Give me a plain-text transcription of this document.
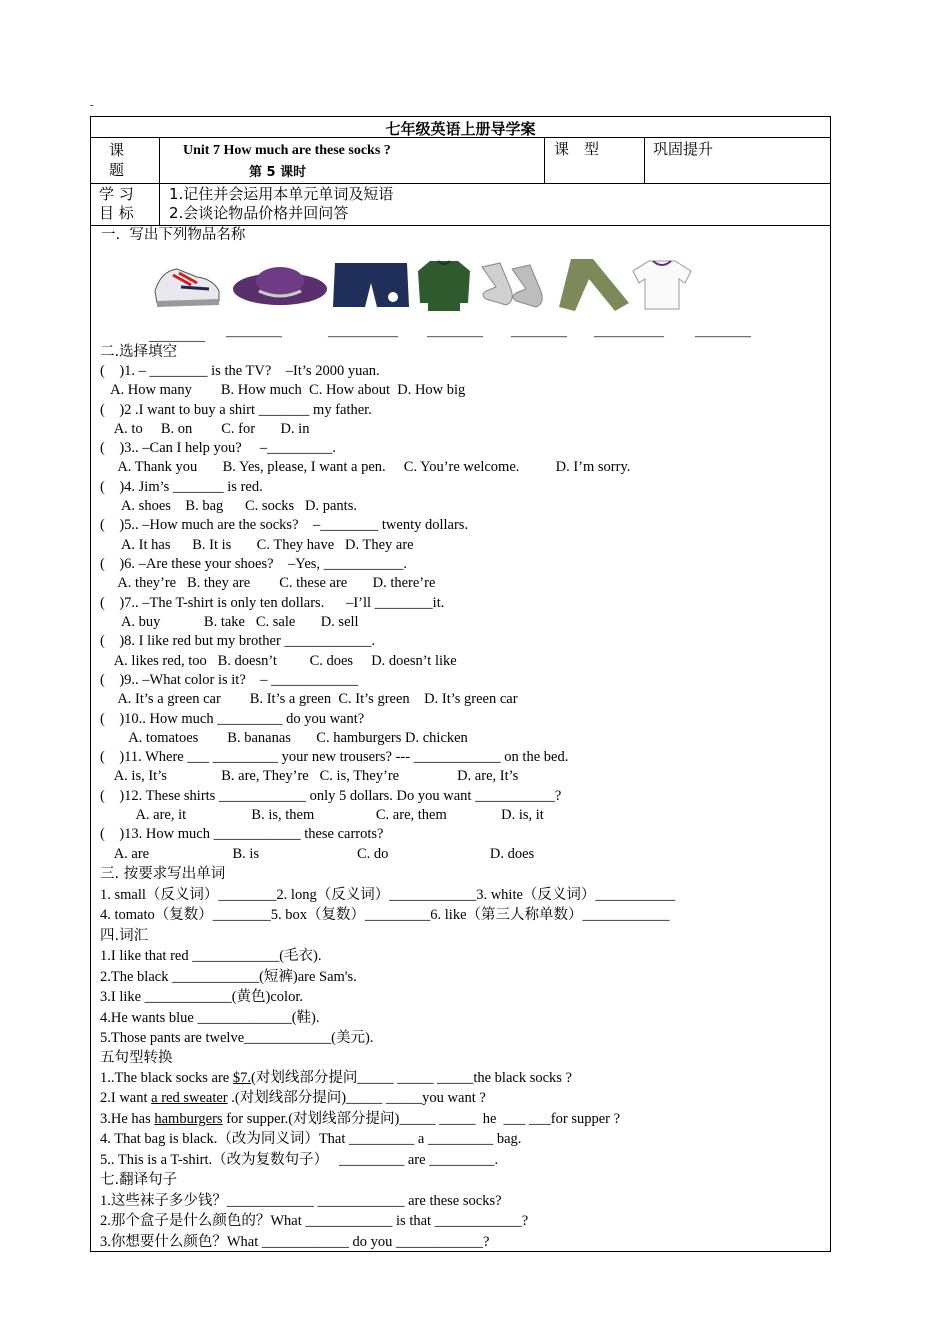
-
七年级英语上册导学案
课 题
Unit 7 How much are these socks ?
第 5 课时
课　型	巩固提升
学 习 目 标
1.记住并会运用本单元单词及短语
2.会谈论物品价格并回问答
一.  写出下列物品名称
________ ————	————— ———— ———— ————— ————
二.选择填空
(    )1. – ________ is the TV?    –It’s 2000 yuan.
A. How many        B. How much  C. How about  D. How big
(    )2 .I want to buy a shirt _______ my father.
A. to     B. on        C. for       D. in
(    )3.. –Can I help you?     –_________.
A. Thank you       B. Yes, please, I want a pen.     C. You’re welcome.          D. I’m sorry.
(    )4. Jim’s _______ is red.
A. shoes    B. bag      C. socks   D. pants.
(    )5.. –How much are the socks?    –________ twenty dollars.
A. It has      B. It is       C. They have   D. They are
(    )6. –Are these your shoes?    –Yes, ___________.
A. they’re   B. they are        C. these are       D. there’re
(    )7.. –The T-shirt is only ten dollars.      –I’ll ________it.
A. buy            B. take   C. sale       D. sell
(    )8. I like red but my brother ____________.
A. likes red, too   B. doesn’t         C. does     D. doesn’t like
(    )9.. –What color is it?    – ____________
A. It’s a green car        B. It’s a green  C. It’s green    D. It’s green car
(    )10.. How much _________ do you want?
A. tomatoes        B. bananas       C. hamburgers D. chicken
(    )11. Where ___ _________ your new trousers? --- ____________ on the bed.
A. is, It’s               B. are, They’re   C. is, They’re                D. are, It’s
(    )12. These shirts ____________ only 5 dollars. Do you want ___________?
A. are, it                  B. is, them                 C. are, them               D. is, it
(    )13. How much ____________ these carrots?
A. are                       B. is                           C. do                            D. does
三. 按要求写出单词
1. small（反义词）________2. long（反义词）____________3. white（反义词）___________
4. tomato（复数）________5. box（复数）_________6. like（第三人称单数）____________
四.词汇
1.I like that red ____________(毛衣).
2.The black ____________(短裤)are Sam's.
3.I like ____________(黄色)color.
4.He wants blue _____________(鞋).
5.Those pants are twelve____________(美元).
五句型转换
1..The black socks are $7.(对划线部分提问_____ _____ _____the black socks ?
2.I want a red sweater .(对划线部分提问)_____ _____you want ?
3.He has hamburgers for supper.(对划线部分提问)_____ _____  he  ___ ___for supper ?
4. That bag is black.（改为同义词）That _________ a _________ bag.
5.. This is a T-shirt.（改为复数句子）   _________ are _________.
七.翻译句子
1.这些袜子多少钱？____________ ____________ are these socks?
2.那个盒子是什么颜色的？What ____________ is that ____________?
3.你想要什么颜色？What ____________ do you ____________?
